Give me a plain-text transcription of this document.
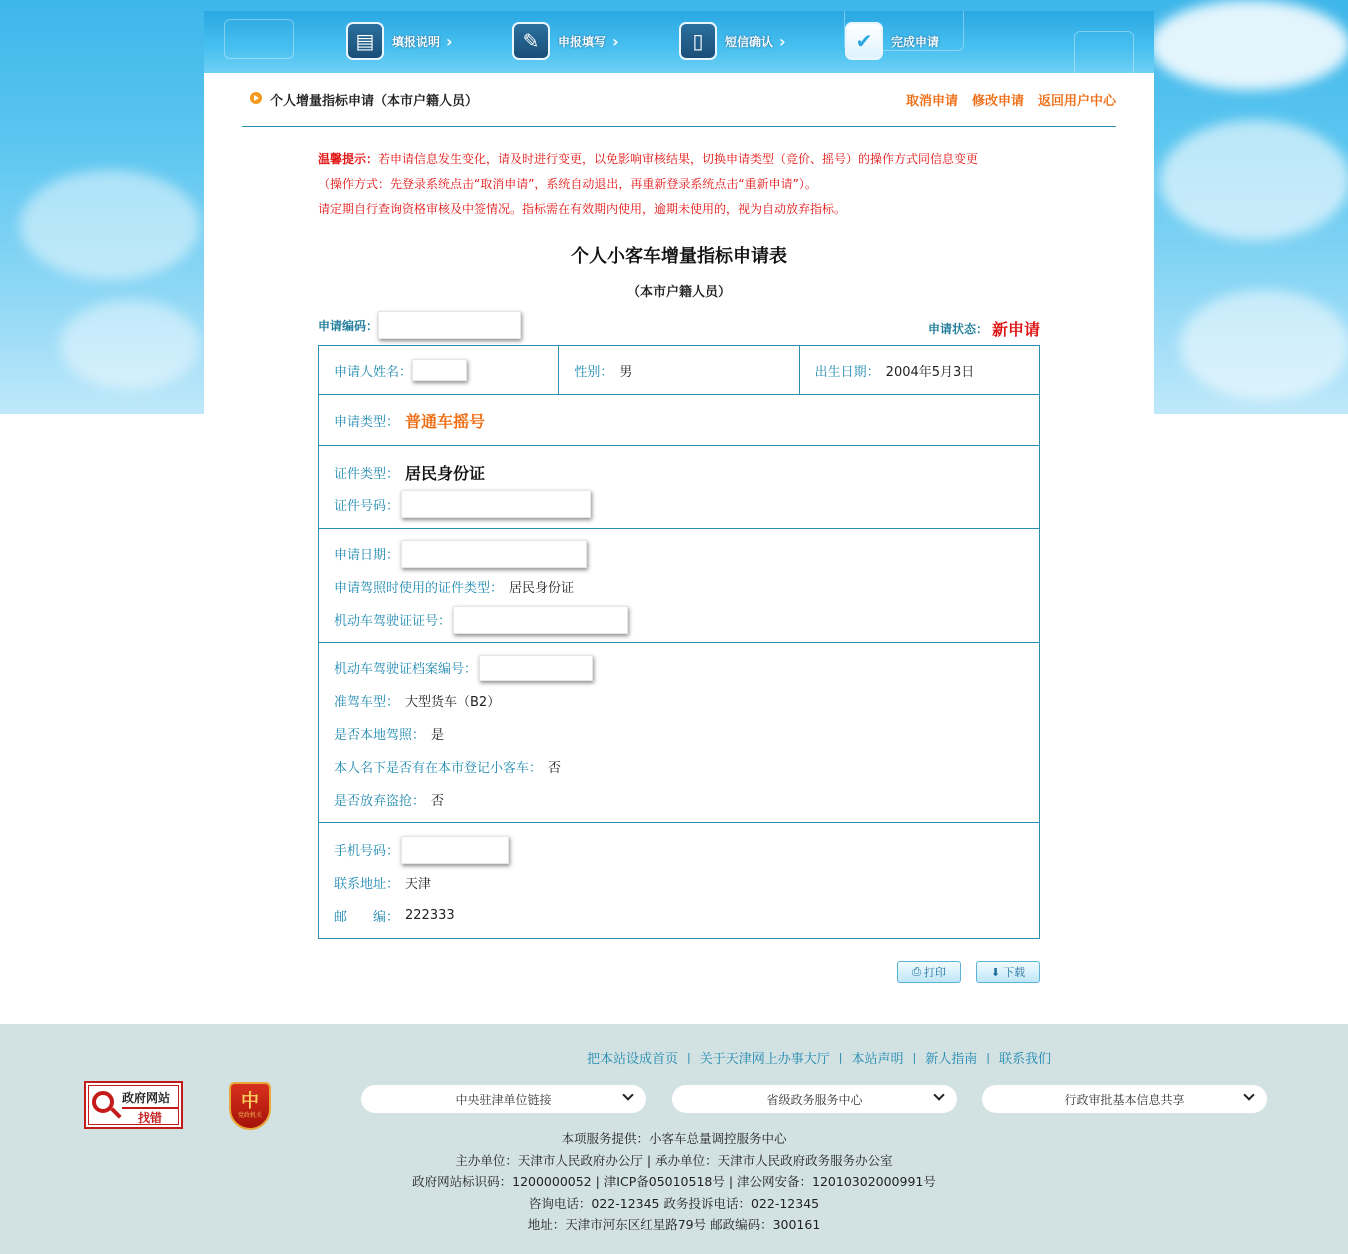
▤	填报说明 ›	✎	申报填写 ›	▯	短信确认 ›	✔	完成申请
个人增量指标申请（本市户籍人员）	取消申请 修改申请 返回用户中心
温馨提示：若申请信息发生变化，请及时进行变更，以免影响审核结果，切换申请类型（竞价、摇号）的操作方式同信息变更
（操作方式：先登录系统点击“取消申请”，系统自动退出，再重新登录系统点击“重新申请”）。
请定期自行查询资格审核及中签情况。指标需在有效期内使用，逾期未使用的，视为自动放弃指标。
个人小客车增量指标申请表
（本市户籍人员）
申请编码：	申请状态： 新申请
申请人姓名：	性别： 男	出生日期： 2004年5月3日
申请类型： 普通车摇号
证件类型： 居民身份证
证件号码：
申请日期：
申请驾照时使用的证件类型： 居民身份证
机动车驾驶证证号：
机动车驾驶证档案编号：
准驾车型： 大型货车（B2）
是否本地驾照： 是
本人名下是否有在本市登记小客车： 否
是否放弃盗抢： 否
手机号码：
联系地址： 天津
邮　　编： 222333
⎙ 打印	⬇ 下载
把本站设成首页 | 关于天津网上办事大厅 | 本站声明 | 新人指南 | 联系我们
政府网站
找错
中
党政机关
中央驻津单位链接	省级政务服务中心	行政审批基本信息共享
本项服务提供：小客车总量调控服务中心
主办单位：天津市人民政府办公厅 | 承办单位：天津市人民政府政务服务办公室
政府网站标识码：1200000052 | 津ICP备05010518号 | 津公网安备：12010302000991号
咨询电话：022-12345 政务投诉电话：022-12345
地址：天津市河东区红星路79号 邮政编码：300161
